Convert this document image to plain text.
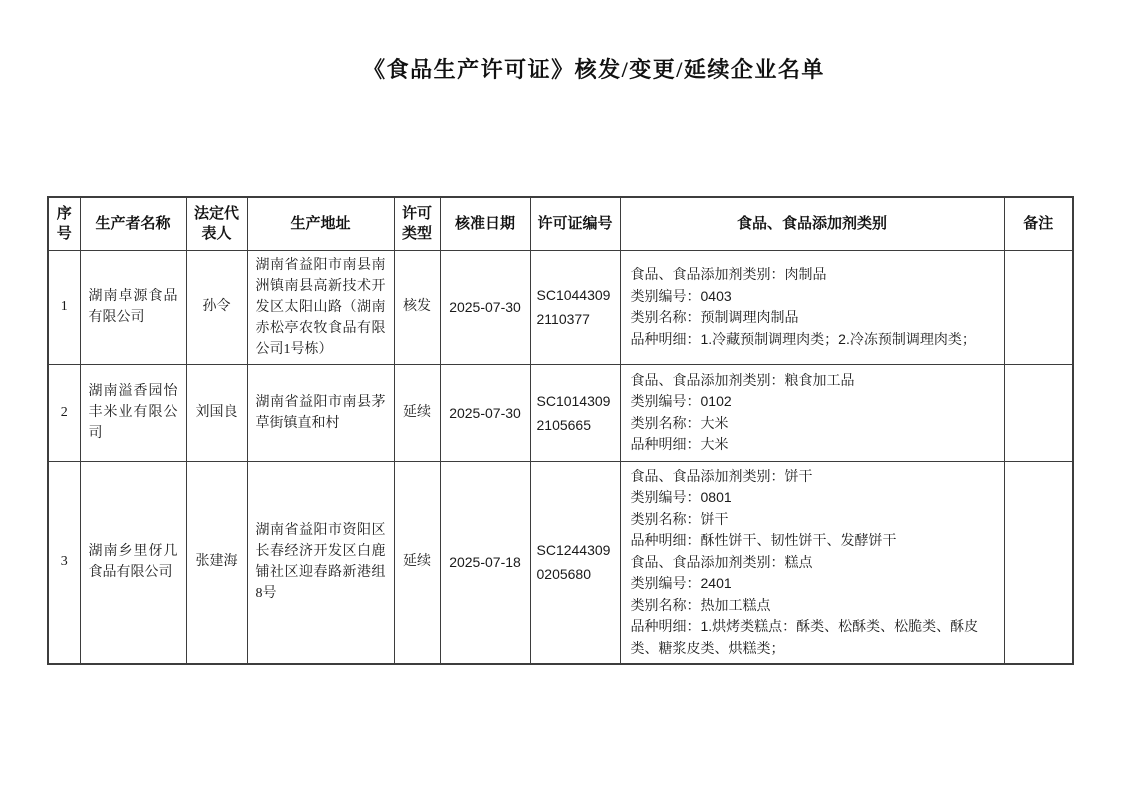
《食品生产许可证》核发/变更/延续企业名单
序号	生产者名称	法定代表人	生产地址	许可类型	核准日期	许可证编号	食品、食品添加剂类别	备注
1	湖南卓源食品有限公司	孙令	湖南省益阳市南县南洲镇南县高新技术开发区太阳山路（湖南赤松亭农牧食品有限公司1号栋）	核发	2025-07-30	SC10443092110377	食品、食品添加剂类别：肉制品
类别编号：0403
类别名称：预制调理肉制品
品种明细：1.冷藏预制调理肉类；2.冷冻预制调理肉类；	

2	湖南溢香园怡丰米业有限公司	刘国良	湖南省益阳市南县茅草街镇直和村	延续	2025-07-30	SC10143092105665	食品、食品添加剂类别：粮食加工品
类别编号：0102
类别名称：大米
品种明细：大米	

3	湖南乡里伢几食品有限公司	张建海	湖南省益阳市资阳区长春经济开发区白鹿铺社区迎春路新港组8号	延续	2025-07-18	SC12443090205680	
食品、食品添加剂类别：饼干
类别编号：0801
类别名称：饼干
品种明细：酥性饼干、韧性饼干、发酵饼干
食品、食品添加剂类别：糕点
类别编号：2401
类别名称：热加工糕点
品种明细：1.烘烤类糕点：酥类、松酥类、松脆类、酥皮类、糖浆皮类、烘糕类；
